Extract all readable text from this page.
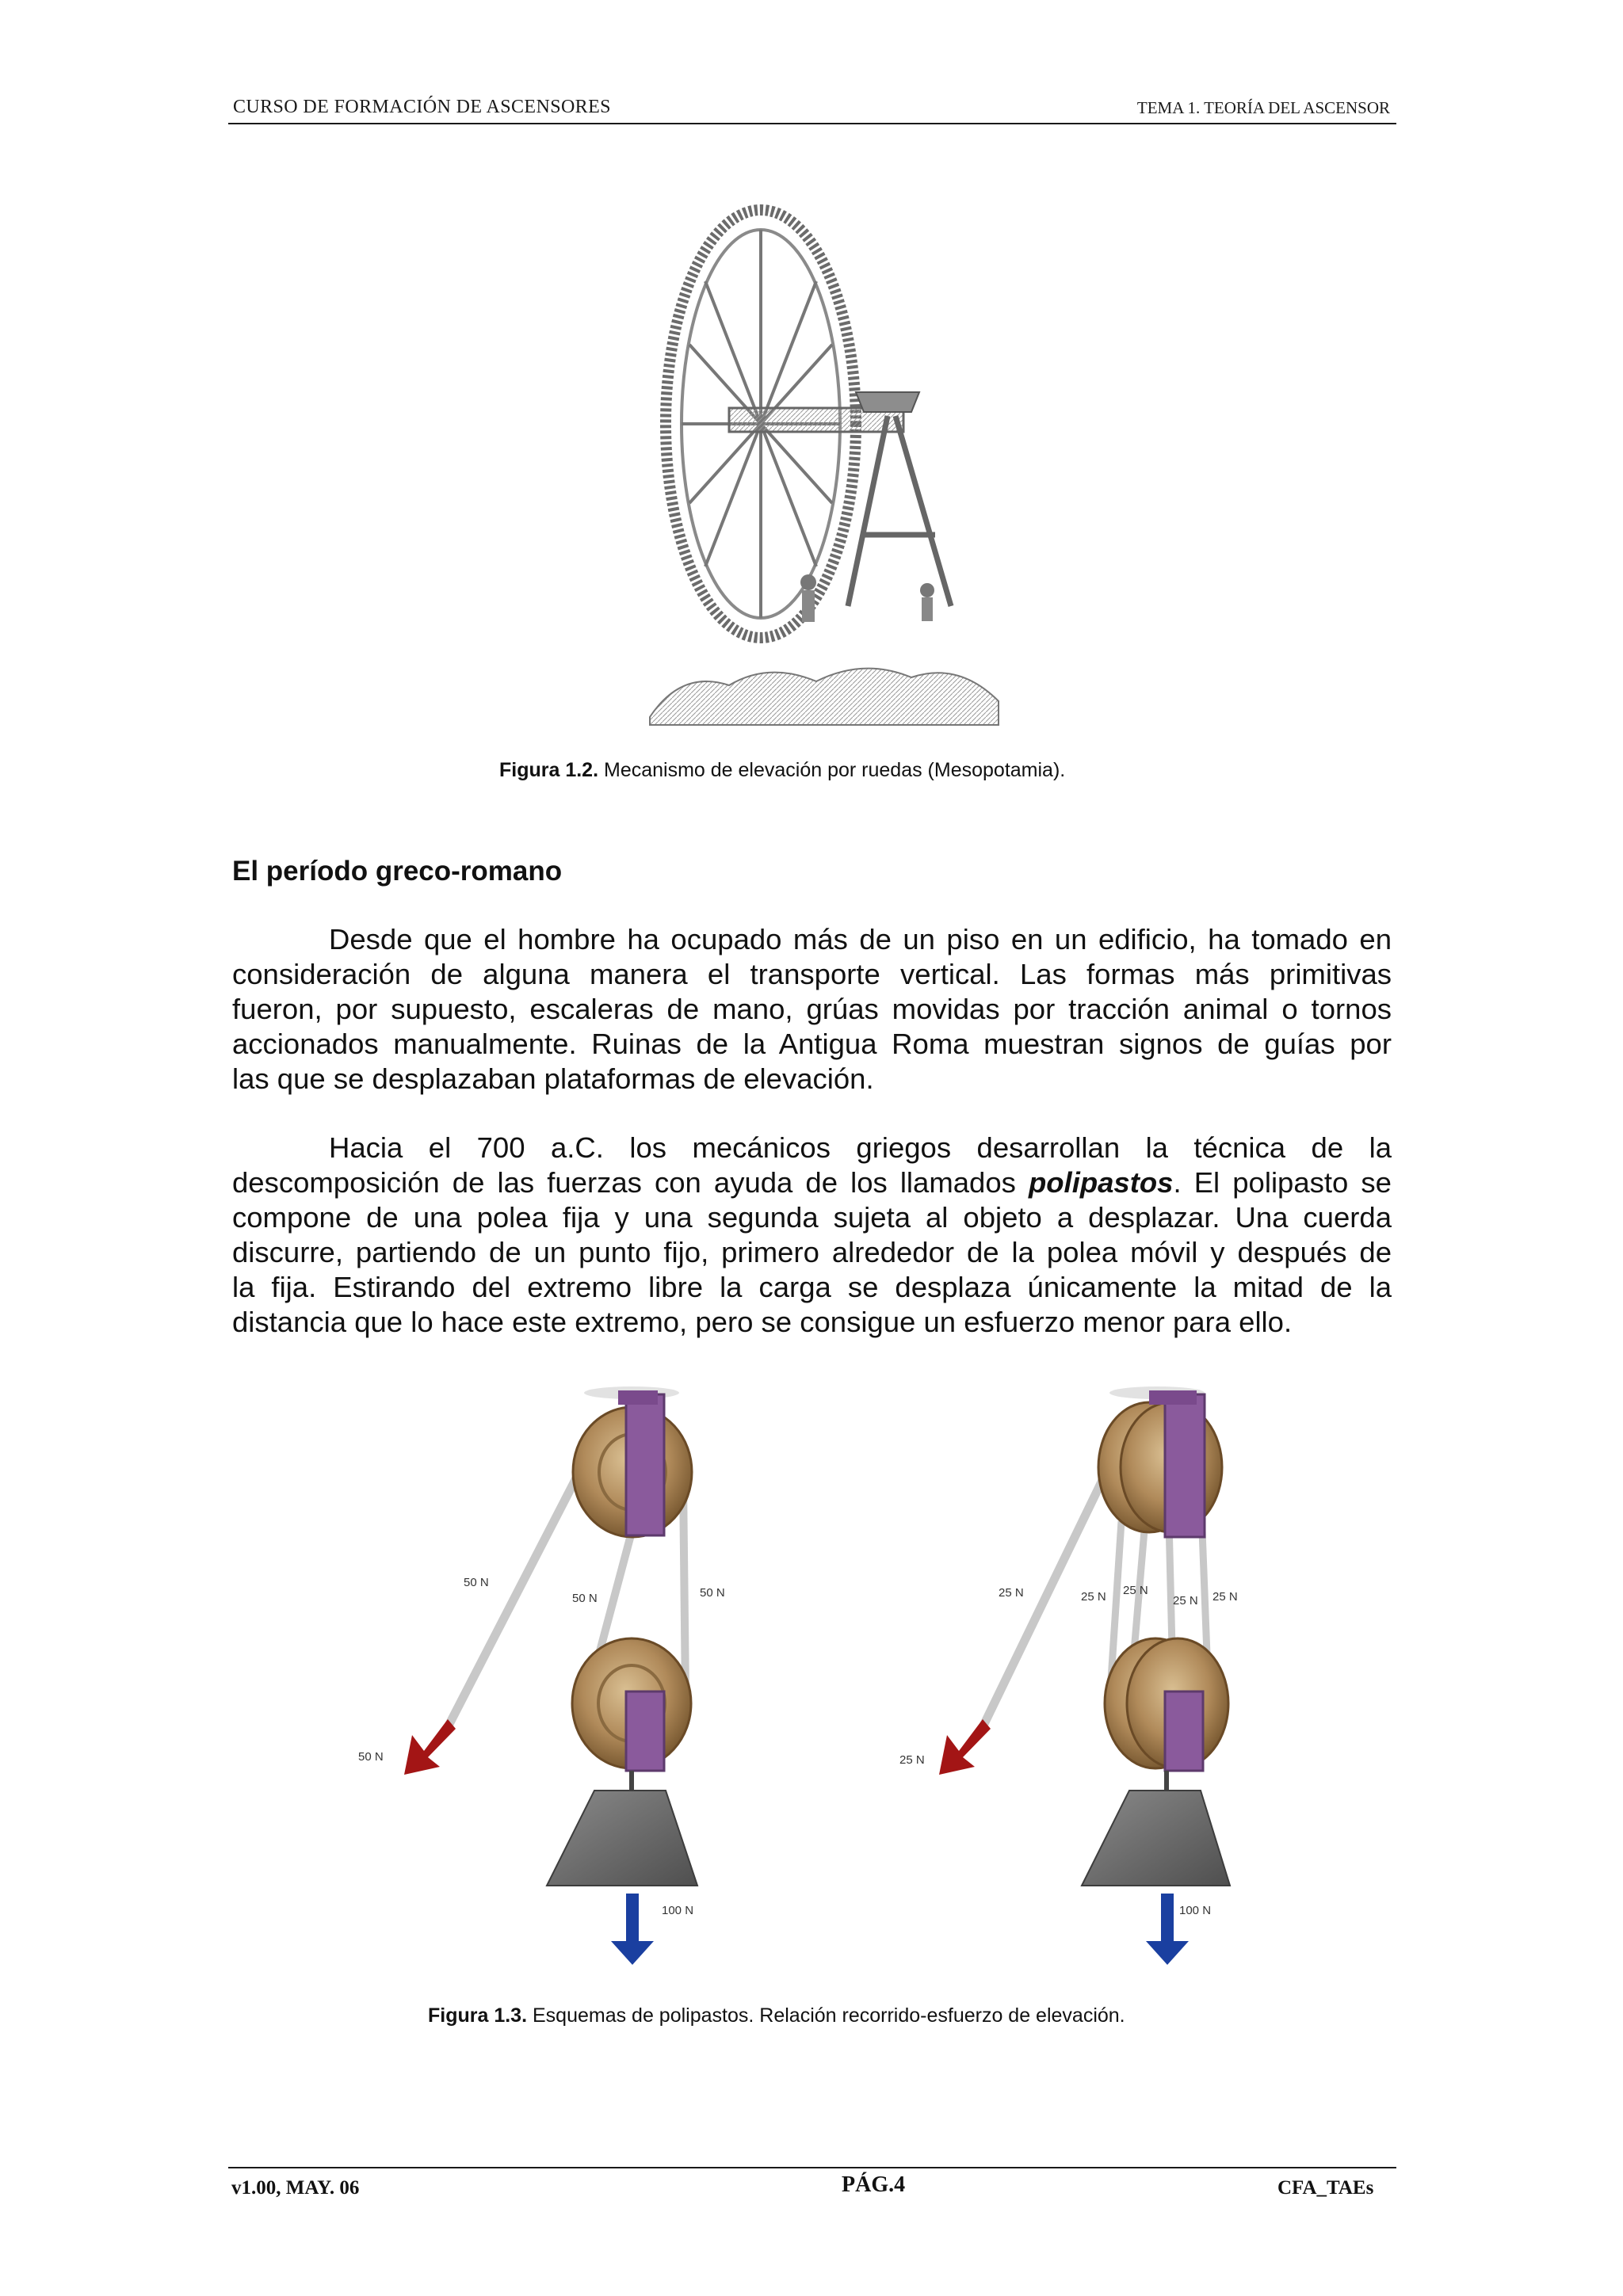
CURSO DE FORMACIÓN DE ASCENSORES	TEMA 1. TEORÍA DEL ASCENSOR
Figura 1.2. Mecanismo de elevación por ruedas (Mesopotamia).
El período greco-romano
Desde que el hombre ha ocupado más de un piso en un edificio, ha tomado en
consideración de alguna manera el transporte vertical. Las formas más primitivas
fueron, por supuesto, escaleras de mano, grúas movidas por tracción animal o tornos
accionados manualmente. Ruinas de la Antigua Roma muestran signos de guías por
las que se desplazaban plataformas de elevación.
Hacia el 700 a.C. los mecánicos griegos desarrollan la técnica de la
descomposición de las fuerzas con ayuda de los llamados polipastos. El polipasto se
compone de una polea fija y una segunda sujeta al objeto a desplazar. Una cuerda
discurre, partiendo de un punto fijo, primero alrededor de la polea móvil y después de
la fija. Estirando del extremo libre la carga se desplaza únicamente la mitad de la
distancia que lo hace este extremo, pero se consigue un esfuerzo menor para ello.
50 N
50 N	50 N
50 N
100 N
25 N	25 N 25 N
25 N 25 N
25 N
100 N
Figura 1.3. Esquemas de polipastos. Relación recorrido-esfuerzo de elevación.
v1.00, MAY. 06	PÁG.4	CFA_TAEs
